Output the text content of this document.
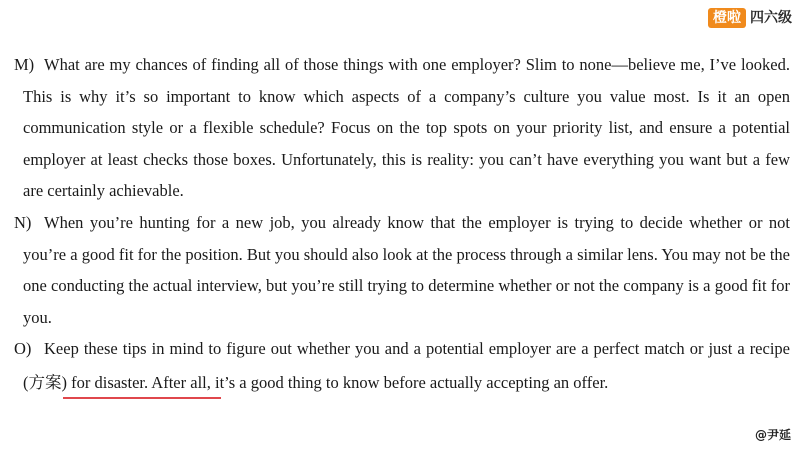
橙啦 四六级

M) What are my chances of finding all of those things with one employer? Slim to none—believe me, I’ve looked. This is why it’s so important to know which aspects of a company’s culture you value most. Is it an open communication style or a flexible schedule? Focus on the top spots on your priority list, and ensure a potential employer at least checks those boxes. Unfortunately, this is reality: you can’t have everything you want but a few are certainly achievable.

N) When you’re hunting for a new job, you already know that the employer is trying to decide whether or not you’re a good fit for the position. But you should also look at the process through a similar lens. You may not be the one conducting the actual interview, but you’re still trying to determine whether or not the company is a good fit for you.

O) Keep these tips in mind to figure out whether you and a potential employer are a perfect match or just a recipe (方案) for disaster. After all, it’s a good thing to know before actually accepting an offer.

@尹延
